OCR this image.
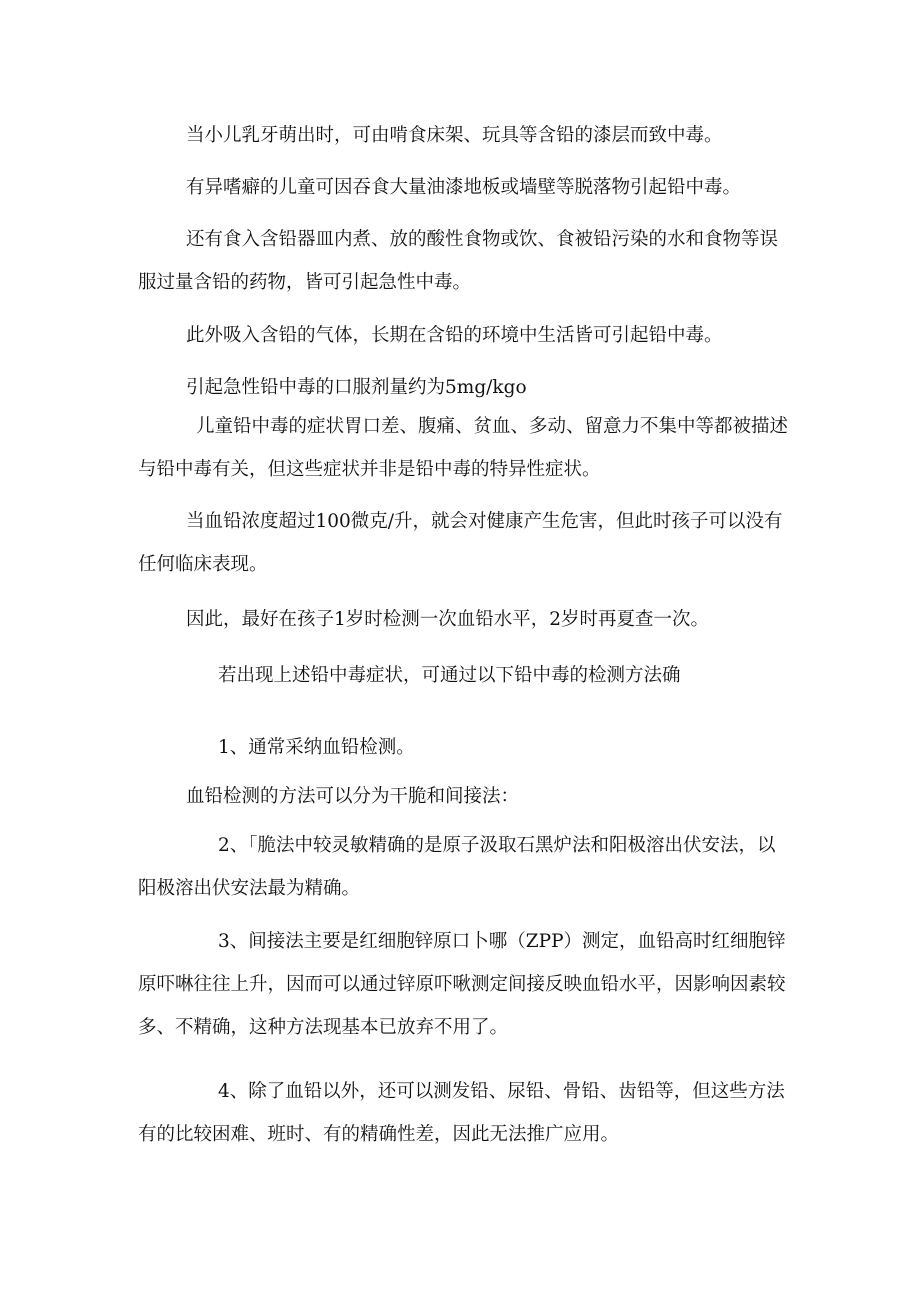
当小儿乳牙萌出时，可由啃食床架、玩具等含铅的漆层而致中毒。

有异嗜癖的儿童可因吞食大量油漆地板或墙壁等脱落物引起铅中毒。

还有食入含铅器皿内煮、放的酸性食物或饮、食被铅污染的水和食物等误服过量含铅的药物，皆可引起急性中毒。

此外吸入含铅的气体，长期在含铅的环境中生活皆可引起铅中毒。

引起急性铅中毒的口服剂量约为5mg∕kgo

儿童铅中毒的症状胃口差、腹痛、贫血、多动、留意力不集中等都被描述与铅中毒有关，但这些症状并非是铅中毒的特异性症状。

当血铅浓度超过100微克/升，就会对健康产生危害，但此时孩子可以没有任何临床表现。

因此，最好在孩子1岁时检测一次血铅水平，2岁时再夏查一次。

若出现上述铅中毒症状，可通过以下铅中毒的检测方法确

1、通常采纳血铅检测。

血铅检测的方法可以分为干脆和间接法：

2、「脆法中较灵敏精确的是原子汲取石黑炉法和阳极溶出伏安法，以阳极溶出伏安法最为精确。

3、间接法主要是红细胞锌原口卜哪（ZPP）测定，血铅高时红细胞锌原吓啉往往上升，因而可以通过锌原吓啾测定间接反映血铅水平，因影响因素较多、不精确，这种方法现基本已放弃不用了。

4、除了血铅以外，还可以测发铅、尿铅、骨铅、齿铅等，但这些方法有的比较困难、班时、有的精确性差，因此无法推广应用。
